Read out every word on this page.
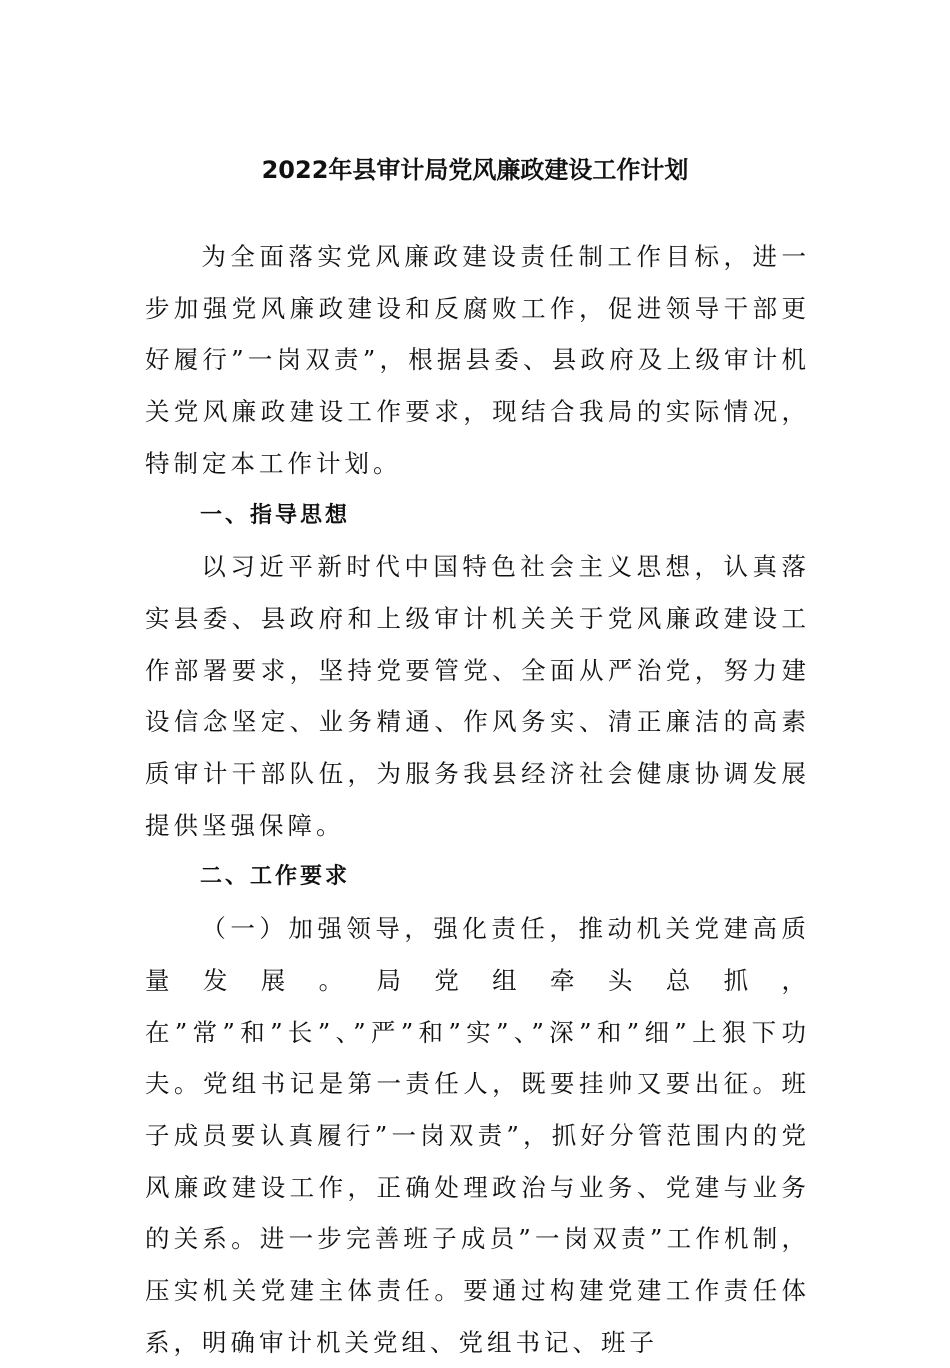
2022年县审计局党风廉政建设工作计划

为全面落实党风廉政建设责任制工作目标，进一步加强党风廉政建设和反腐败工作，促进领导干部更好履行”一岗双责”，根据县委、县政府及上级审计机关党风廉政建设工作要求，现结合我局的实际情况，特制定本工作计划。

一、指导思想

以习近平新时代中国特色社会主义思想，认真落实县委、县政府和上级审计机关关于党风廉政建设工作部署要求，坚持党要管党、全面从严治党，努力建设信念坚定、业务精通、作风务实、清正廉洁的高素质审计干部队伍，为服务我县经济社会健康协调发展提供坚强保障。

二、工作要求

（一）加强领导，强化责任，推动机关党建高质量发展。局党组牵头总抓，在”常”和”长”、”严”和”实”、”深”和”细”上狠下功夫。党组书记是第一责任人，既要挂帅又要出征。班子成员要认真履行”一岗双责”，抓好分管范围内的党风廉政建设工作，正确处理政治与业务、党建与业务的关系。进一步完善班子成员”一岗双责”工作机制，压实机关党建主体责任。要通过构建党建工作责任体系，明确审计机关党组、党组书记、班子
